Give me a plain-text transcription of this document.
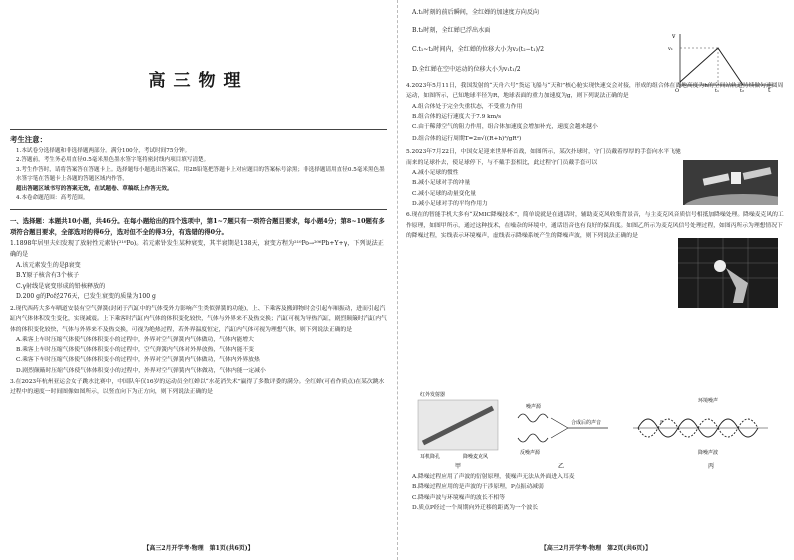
高三物理
考生注意：

1.本试卷分选择题和非选择题两部分。满分100分，考试时间75分钟。

2.答题前，考生务必用直径0.5毫米黑色墨水签字笔将密封线内项目填写清楚。

3.考生作答时，请将答案答在答题卡上。选择题每小题选出答案后，用2B铅笔把答题卡上对应题目的答案标号涂黑；非选择题请用直径0.5毫米黑色墨水签字笔在答题卡上各题的答题区域内作答，

超出答题区域书写的答案无效，在试题卷、草稿纸上作答无效。

4.本卷命题范围：高考范围。

一、选择题：本题共10小题，共46分。在每小题给出的四个选项中，第1~7题只有一项符合题目要求，每小题4分；第8~10题有多项符合题目要求，全部选对的得6分，选对但不全的得3分，有选错的得0分。

1.1898年居里夫妇发现了放射性元素钋(²¹⁰Po)。若元素钋发生某种衰变，其半衰期是138天，衰变方程为²¹⁰Po→²⁰⁶Pb+Y+γ，下列说法正确的是

A.该元素发生的是β衰变

B.Y原子核含有3个核子

C.γ射线是衰变形成的铅核释放的

D.200 g的Po经276天，已发生衰变的质量为100 g

2.现代西药大多车晒道安装有空气弹簧(封闭于汽缸中的气体受外力影响产生类似弹簧的功能)，上、下乘客及搬卸物时会引起车厢振动，进而引起汽缸内气体体积发生变化，实现减震。上下乘客时汽缸内气体的体积变化较快，气体与外界来不及热交换；汽缸可视为导热汽缸，剧烈颠簸时汽缸内气体的体积变化较快，气体与外界来不及热交换，可视为绝热过程，若外界温度恒定，汽缸内气体可视为理想气体，则下列说法正确的是

A.乘客上车时压缩气体使气体体积变小的过程中，外界对空气弹簧内气体做功，气体内能增大

B.乘客上车时压缩气体使气体体积变小的过程中，空气弹簧内气体对外界放热，气体内能不变

C.乘客下车时压缩气体使气体体积变小的过程中，外界对空气弹簧内气体做功，气体内外界放热

D.剧烈颠簸时压缩气体使气体体积变小的过程中，外界对空气弹簧内气体做功，气体内能一定减小

3.在2023年杭州亚运会女子跳水比赛中，中国队年仅16岁的运动员全红婵以“水花消失术”赢得了多数评委的满分。全红婵(可看作质点)在某次跳水过程中的速度一时间图像如图所示，以竖直向下为正方向，则下列说法正确的是

【高三2月开学考·物理　第1页(共6页)】

A.t₁时刻的前后瞬间，全红婵的加速度方向反向

B.t₂时刻，全红婵已浮出水面

C.t₁~t₂时间内，全红婵的位移大小为v₂(t₂−t₁)/2

D.全红婵在空中运动的位移大小为v₁t₁/2

v
t
v₁
O	t₁	t₂

4.2023年5月11日，我国发射的“天舟六号”货运飞船与“天和”核心舱实现快速交会对接，形成的组合体在离地高度为h的空间站轨道持续做匀速圆周运动，如图所示，已知地球半径为R，地球表面的重力加速度为g，则下列说法正确的是

A.组合体处于完全失重状态，不受重力作用

B.组合体的运行速度大于7.9 km/s

C.由于稀薄空气的阻力作用，组合体加速度会增加补充，速度会越来越小

D.组合体的运行周期T=2π√((R+h)³/gR²)

5.2023年7月22日，中国女足迎来世界杯首战，如图所示，某次扑球时，守门员戴着厚厚的手套向水平飞驰而来的足球扑去，使足球停下，与不戴手套相比，此过程守门员戴手套可以

A.减小足球的惯性

B.减小足球对手的冲量

C.减小足球的动量变化量

D.减小足球对手的平均作用力

6.现在的智能手机大多有“双MIC降噪技术”，简单说就是在通话时，辅助麦克风收集背景音，与主麦克风音质信号相抵加降噪处理。降噪麦克风的工作原理，如图甲所示，通过这种技术，在噪杂的环境中，通话语音也有良好的保真度。如图乙所示为麦克风信号处理过程，如图丙所示为理想情况下的降噪过程，实线表示环境噪声，虚线表示降噪系统产生的降噪声波，则下列说法正确的是

红外发射器
耳机降孔	降噪麦克风
甲
噪声源
反噪声源
合成后的声音
乙
环境噪声
降噪声波
P
丙

A.降噪过程应用了声波的衍射原理，使噪声无法从外面进入耳麦

B.降噪过程应用的是声波的干涉原理，P点振动减弱

C.降噪声波与环境噪声的波长不相等

D.质点P经过一个周期向外迁移的距离为一个波长

【高三2月开学考·物理　第2页(共6页)】
